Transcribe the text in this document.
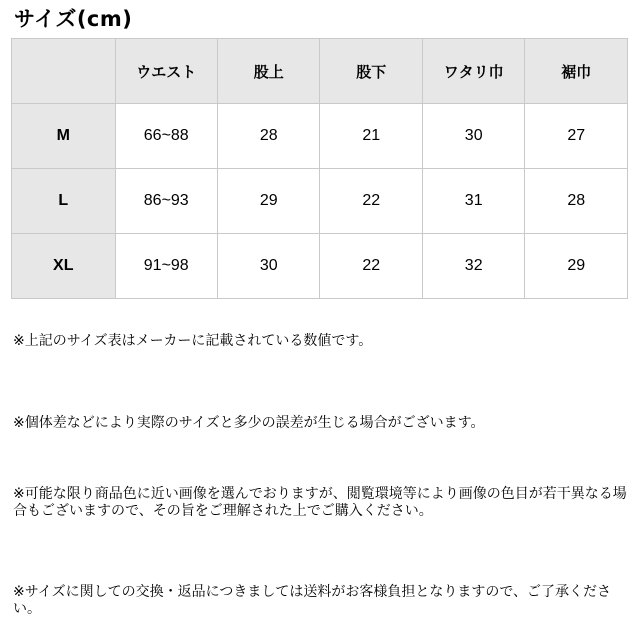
サイズ(cm)
	ウエスト	股上	股下	ワタリ巾	裾巾
M	66~88	28	21	30	27
L	86~93	29	22	31	28
XL	91~98	30	22	32	29

※上記のサイズ表はメーカーに記載されている数値です。

※個体差などにより実際のサイズと多少の誤差が生じる場合がございます。

※可能な限り商品色に近い画像を選んでおりますが、閲覧環境等により画像の色目が若干異なる場合もございますので、その旨をご理解された上でご購入ください。

※サイズに関しての交換・返品につきましては送料がお客様負担となりますので、ご了承ください。
